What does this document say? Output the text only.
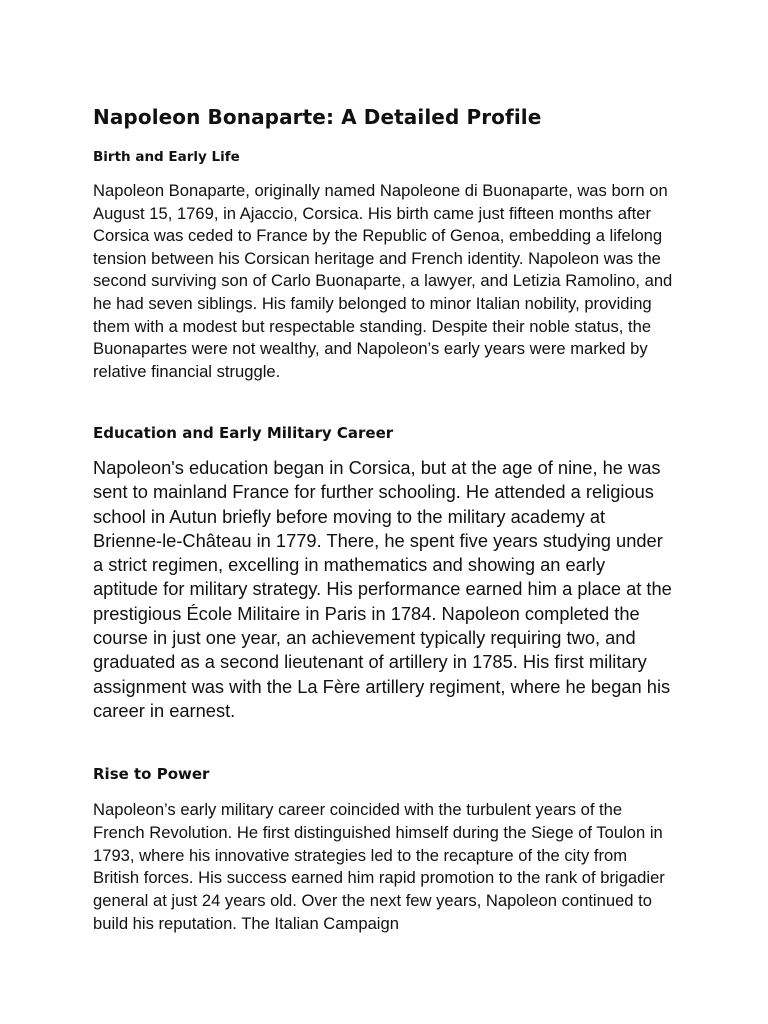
Napoleon Bonaparte: A Detailed Profile
Birth and Early Life

Napoleon Bonaparte, originally named Napoleone di Buonaparte, was born on August 15, 1769, in Ajaccio, Corsica. His birth came just fifteen months after Corsica was ceded to France by the Republic of Genoa, embedding a lifelong tension between his Corsican heritage and French identity. Napoleon was the second surviving son of Carlo Buonaparte, a lawyer, and Letizia Ramolino, and he had seven siblings. His family belonged to minor Italian nobility, providing them with a modest but respectable standing. Despite their noble status, the Buonapartes were not wealthy, and Napoleon’s early years were marked by relative financial struggle.

Education and Early Military Career

Napoleon's education began in Corsica, but at the age of nine, he was sent to mainland France for further schooling. He attended a religious school in Autun briefly before moving to the military academy at Brienne-le-Château in 1779. There, he spent five years studying under a strict regimen, excelling in mathematics and showing an early aptitude for military strategy. His performance earned him a place at the prestigious École Militaire in Paris in 1784. Napoleon completed the course in just one year, an achievement typically requiring two, and graduated as a second lieutenant of artillery in 1785. His first military assignment was with the La Fère artillery regiment, where he began his career in earnest.

Rise to Power

Napoleon’s early military career coincided with the turbulent years of the French Revolution. He first distinguished himself during the Siege of Toulon in 1793, where his innovative strategies led to the recapture of the city from British forces. His success earned him rapid promotion to the rank of brigadier general at just 24 years old. Over the next few years, Napoleon continued to build his reputation. The Italian Campaign
